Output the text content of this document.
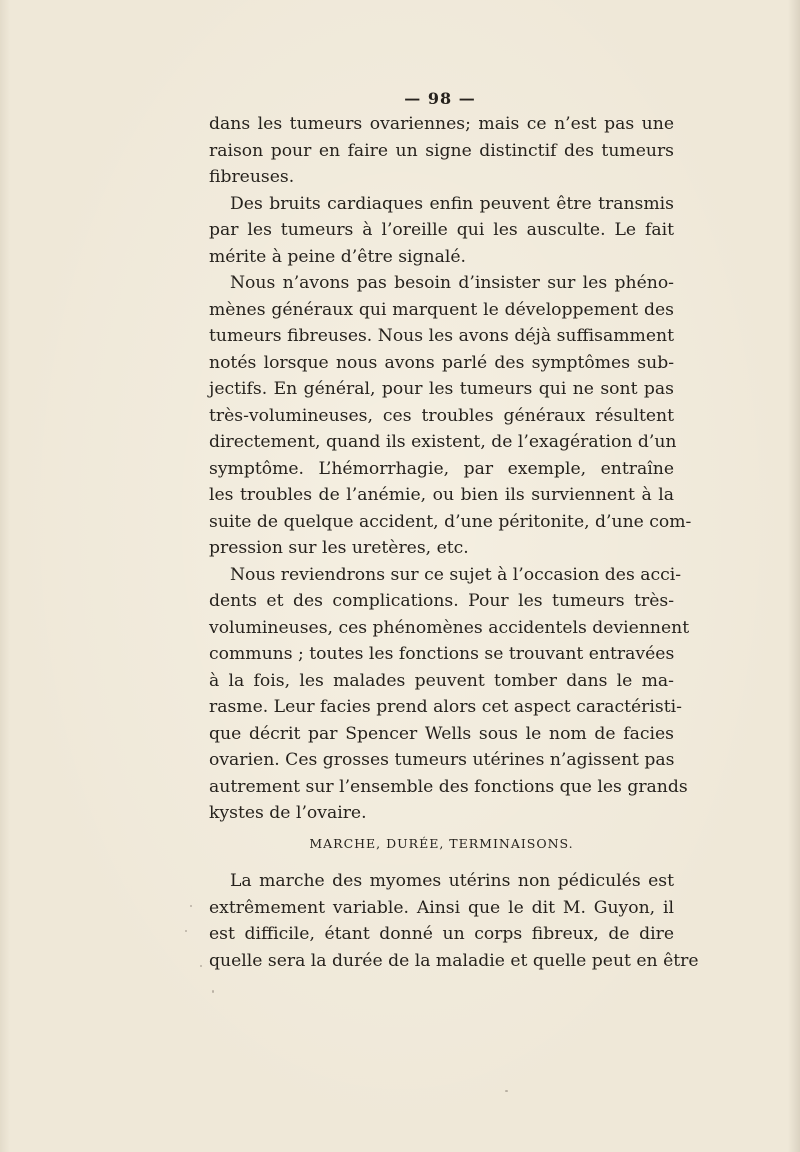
— 98 —
dans les tumeurs ovariennes; mais ce n’est pas une
raison pour en faire un signe distinctif des tumeurs
fibreuses.
Des bruits cardiaques enfin peuvent être transmis
par les tumeurs à l’oreille qui les ausculte. Le fait
mérite à peine d’être signalé.
Nous n’avons pas besoin d’insister sur les phéno-
mènes généraux qui marquent le développement des
tumeurs fibreuses. Nous les avons déjà suffisamment
notés lorsque nous avons parlé des symptômes sub-
jectifs. En général, pour les tumeurs qui ne sont pas
très-volumineuses, ces troubles généraux résultent
directement, quand ils existent, de l’exagération d’un
symptôme. L’hémorrhagie, par exemple, entraîne
les troubles de l’anémie, ou bien ils surviennent à la
suite de quelque accident, d’une péritonite, d’une com-
pression sur les uretères, etc.
Nous reviendrons sur ce sujet à l’occasion des acci-
dents et des complications. Pour les tumeurs très-
volumineuses, ces phénomènes accidentels deviennent
communs ; toutes les fonctions se trouvant entravées
à la fois, les malades peuvent tomber dans le ma-
rasme. Leur facies prend alors cet aspect caractéristi-
que décrit par Spencer Wells sous le nom de facies
ovarien. Ces grosses tumeurs utérines n’agissent pas
autrement sur l’ensemble des fonctions que les grands
kystes de l’ovaire.
MARCHE, DURÉE, TERMINAISONS.
La marche des myomes utérins non pédiculés est
extrêmement variable. Ainsi que le dit M. Guyon, il
est difficile, étant donné un corps fibreux, de dire
quelle sera la durée de la maladie et quelle peut en être
